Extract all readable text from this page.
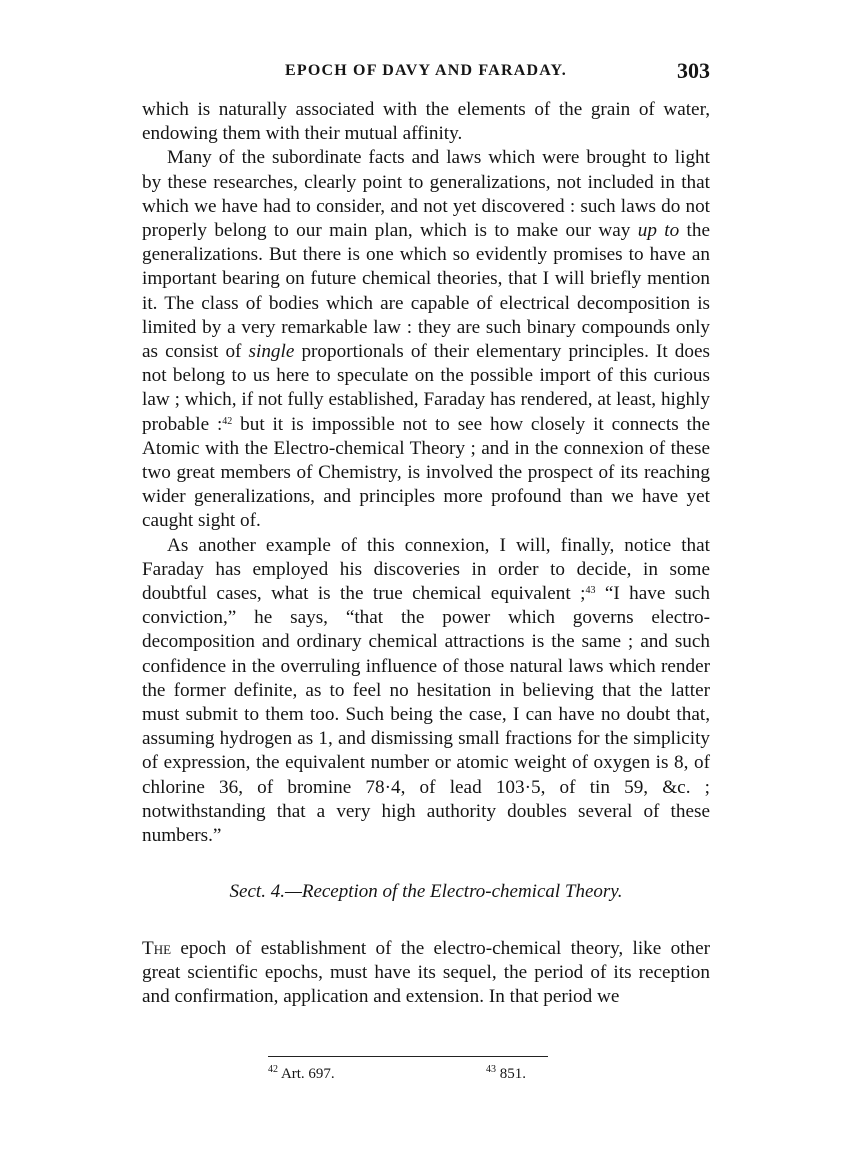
EPOCH OF DAVY AND FARADAY.	303

which is naturally associated with the elements of the grain of water, endowing them with their mutual affinity.

Many of the subordinate facts and laws which were brought to light by these researches, clearly point to generalizations, not included in that which we have had to consider, and not yet discovered : such laws do not properly belong to our main plan, which is to make our way up to the generalizations. But there is one which so evidently promises to have an important bearing on future chemical theories, that I will briefly mention it. The class of bodies which are capable of electrical decomposition is limited by a very remarkable law : they are such binary compounds only as consist of single proportionals of their elementary principles. It does not belong to us here to speculate on the possible import of this curious law ; which, if not fully established, Faraday has rendered, at least, highly probable :$^{42}$ but it is impossible not to see how closely it connects the Atomic with the Electro-chemical Theory ; and in the connexion of these two great members of Chemistry, is involved the prospect of its reaching wider generalizations, and principles more profound than we have yet caught sight of.

As another example of this connexion, I will, finally, notice that Faraday has employed his discoveries in order to decide, in some doubtful cases, what is the true chemical equivalent ;$^{43}$ “I have such conviction,” he says, “that the power which governs electro-decomposition and ordinary chemical attractions is the same ; and such confidence in the overruling influence of those natural laws which render the former definite, as to feel no hesitation in believing that the latter must submit to them too. Such being the case, I can have no doubt that, assuming hydrogen as 1, and dismissing small fractions for the simplicity of expression, the equivalent number or atomic weight of oxygen is 8, of chlorine 36, of bromine 78·4, of lead 103·5, of tin 59, &c. ; notwithstanding that a very high authority doubles several of these numbers.”

Sect. 4.—Reception of the Electro-chemical Theory.

The epoch of establishment of the electro-chemical theory, like other great scientific epochs, must have its sequel, the period of its reception and confirmation, application and extension. In that period we

$^{42}$ Art. 697.	$^{43}$ 851.
